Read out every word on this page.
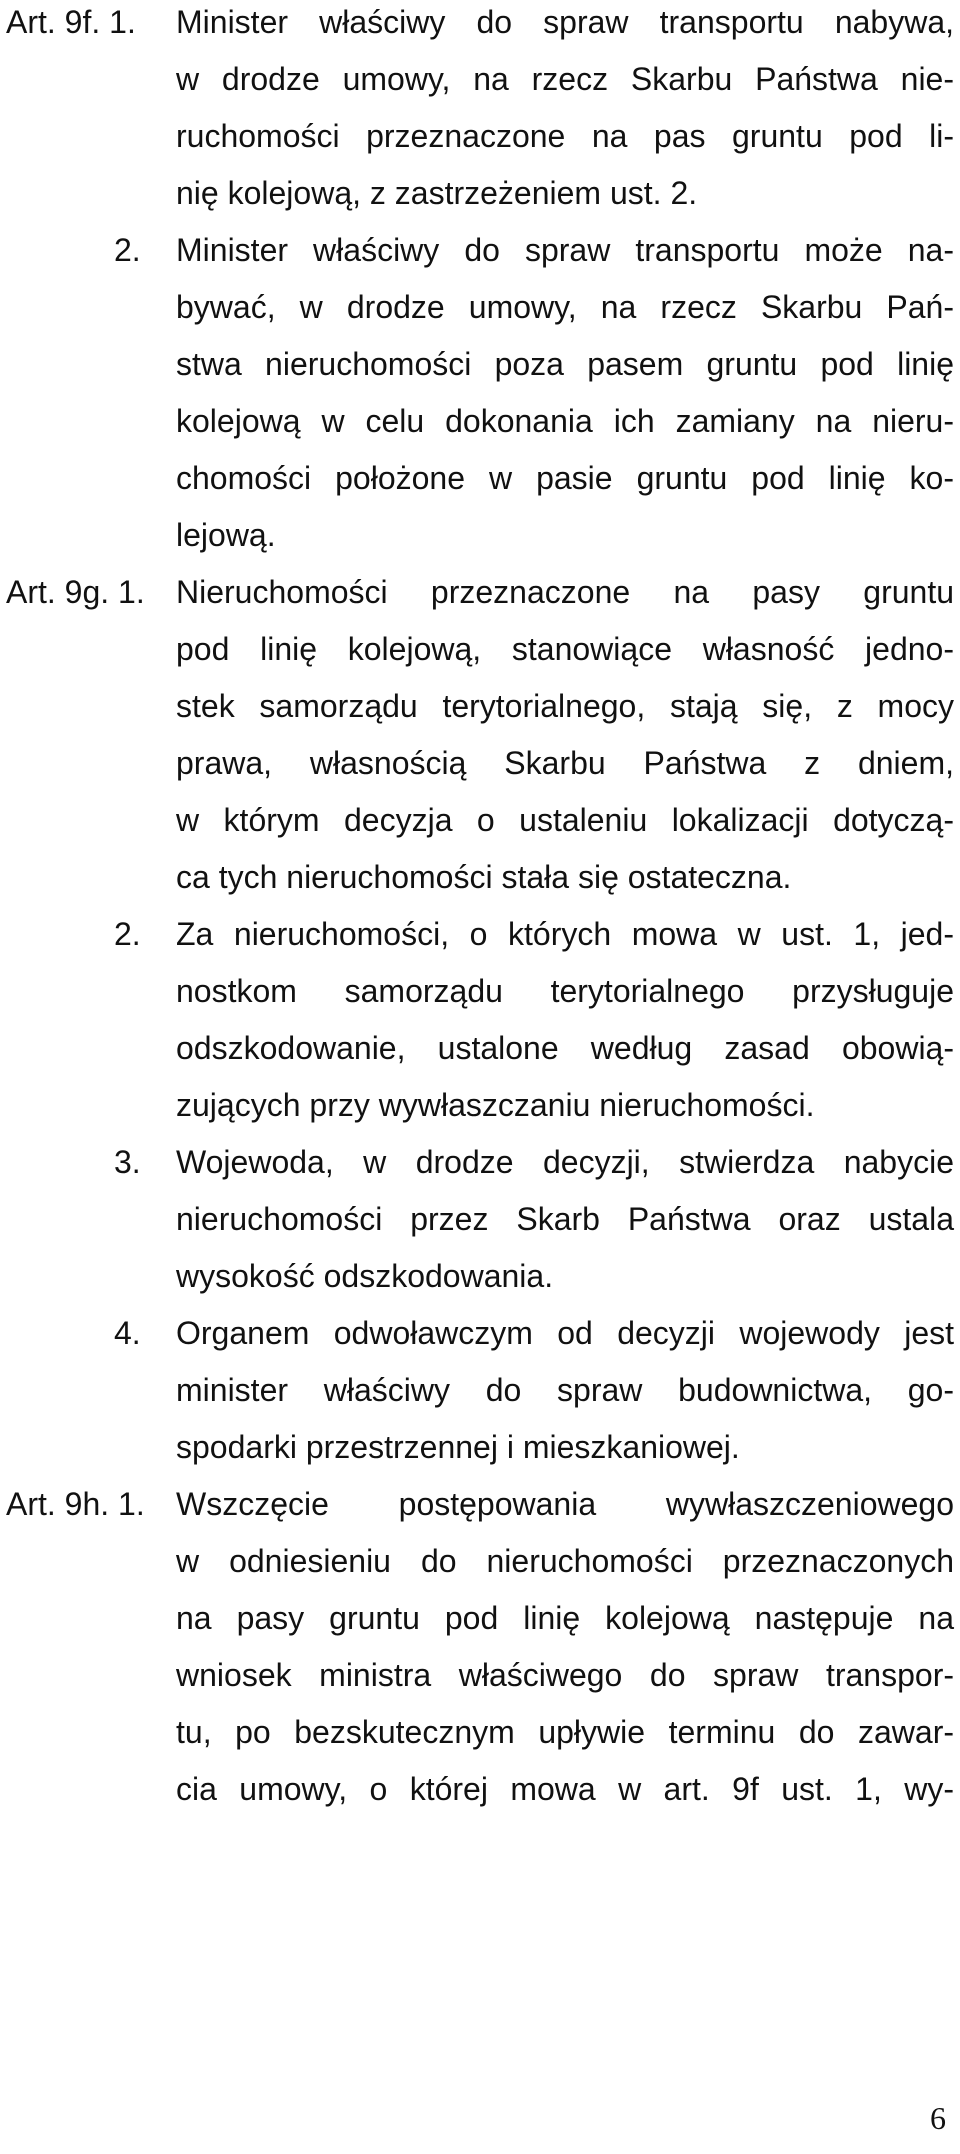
Art. 9f. 1. Minister właściwy do spraw transportu nabywa,
w drodze umowy, na rzecz Skarbu Państwa nie-
ruchomości przeznaczone na pas gruntu pod li-
nię kolejową, z zastrzeżeniem ust. 2.
2. Minister właściwy do spraw transportu może na-
bywać, w drodze umowy, na rzecz Skarbu Pań-
stwa nieruchomości poza pasem gruntu pod linię
kolejową w celu dokonania ich zamiany na nieru-
chomości położone w pasie gruntu pod linię ko-
lejową.
Art. 9g. 1. Nieruchomości przeznaczone na pasy gruntu
pod linię kolejową, stanowiące własność jedno-
stek samorządu terytorialnego, stają się, z mocy
prawa, własnością Skarbu Państwa z dniem,
w którym decyzja o ustaleniu lokalizacji dotyczą-
ca tych nieruchomości stała się ostateczna.
2. Za nieruchomości, o których mowa w ust. 1, jed-
nostkom samorządu terytorialnego przysługuje
odszkodowanie, ustalone według zasad obowią-
zujących przy wywłaszczaniu nieruchomości.
3. Wojewoda, w drodze decyzji, stwierdza nabycie
nieruchomości przez Skarb Państwa oraz ustala
wysokość odszkodowania.
4. Organem odwoławczym od decyzji wojewody jest
minister właściwy do spraw budownictwa, go-
spodarki przestrzennej i mieszkaniowej.
Art. 9h. 1. Wszczęcie postępowania wywłaszczeniowego
w odniesieniu do nieruchomości przeznaczonych
na pasy gruntu pod linię kolejową następuje na
wniosek ministra właściwego do spraw transpor-
tu, po bezskutecznym upływie terminu do zawar-
cia umowy, o której mowa w art. 9f ust. 1, wy-
6
